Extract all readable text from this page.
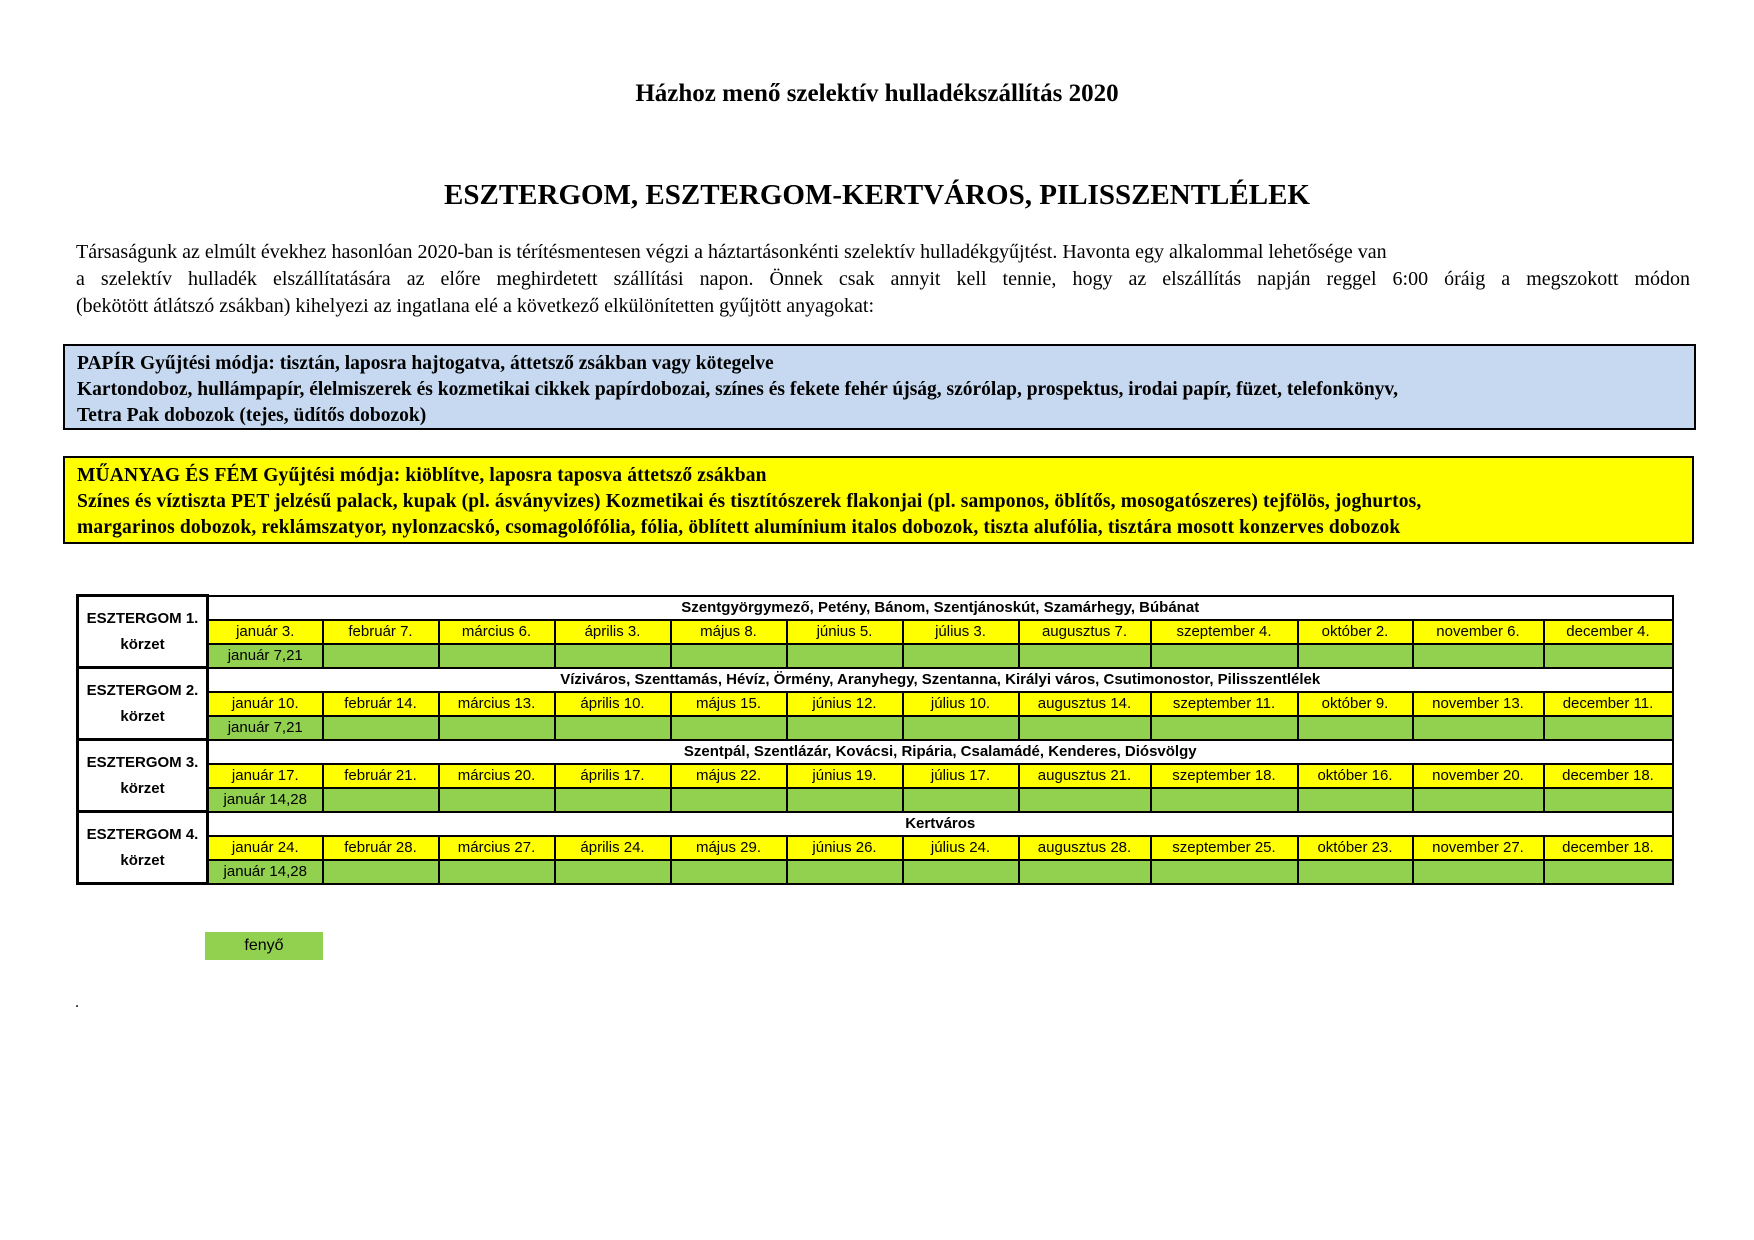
Házhoz menő szelektív hulladékszállítás 2020
ESZTERGOM, ESZTERGOM-KERTVÁROS, PILISSZENTLÉLEK

Társaságunk az elmúlt évekhez hasonlóan 2020-ban is térítésmentesen végzi a háztartásonkénti szelektív hulladékgyűjtést. Havonta egy alkalommal lehetősége van

a szelektív hulladék elszállítatására az előre meghirdetett szállítási napon. Önnek csak annyit kell tennie, hogy az elszállítás napján reggel 6:00 óráig a megszokott módon

(bekötött átlátszó zsákban) kihelyezi az ingatlana elé a következő elkülönítetten gyűjtött anyagokat:

PAPÍR Gyűjtési módja: tisztán, laposra hajtogatva, áttetsző zsákban vagy kötegelve

Kartondoboz, hullámpapír, élelmiszerek és kozmetikai cikkek papírdobozai, színes és fekete fehér újság, szórólap, prospektus, irodai papír, füzet, telefonkönyv,

Tetra Pak dobozok (tejes, üdítős dobozok)

MŰANYAG ÉS FÉM Gyűjtési módja: kiöblítve, laposra taposva áttetsző zsákban

Színes és víztiszta PET jelzésű palack, kupak (pl. ásványvizes) Kozmetikai és tisztítószerek flakonjai (pl. samponos, öblítős, mosogatószeres) tejfölös, joghurtos,

margarinos dobozok, reklámszatyor, nylonzacskó, csomagolófólia, fólia, öblített alumínium italos dobozok, tiszta alufólia, tisztára mosott konzerves dobozok

ESZTERGOM 1.
körzet	Szentgyörgymező, Petény, Bánom, Szentjánoskút, Szamárhegy, Búbánat											
	január 3.	február 7.	március 6.	április 3.	május 8.	június 5.	július 3.	augusztus 7.	szeptember 4.	október 2.	november 6.	december 4.
	január 7,21											

ESZTERGOM 2.
körzet	Víziváros, Szenttamás, Hévíz, Örmény, Aranyhegy, Szentanna, Királyi város, Csutimonostor, Pilisszentlélek											
	január 10.	február 14.	március 13.	április 10.	május 15.	június 12.	július 10.	augusztus 14.	szeptember 11.	október 9.	november 13.	december 11.
	január 7,21											

ESZTERGOM 3.
körzet	Szentpál, Szentlázár, Kovácsi, Ripária, Csalamádé, Kenderes, Diósvölgy											
	január 17.	február 21.	március 20.	április 17.	május 22.	június 19.	július 17.	augusztus 21.	szeptember 18.	október 16.	november 20.	december 18.
	január 14,28											

ESZTERGOM 4.
körzet	Kertváros											
	január 24.	február 28.	március 27.	április 24.	május 29.	június 26.	július 24.	augusztus 28.	szeptember 25.	október 23.	november 27.	december 18.
	január 14,28											
fenyő
.
